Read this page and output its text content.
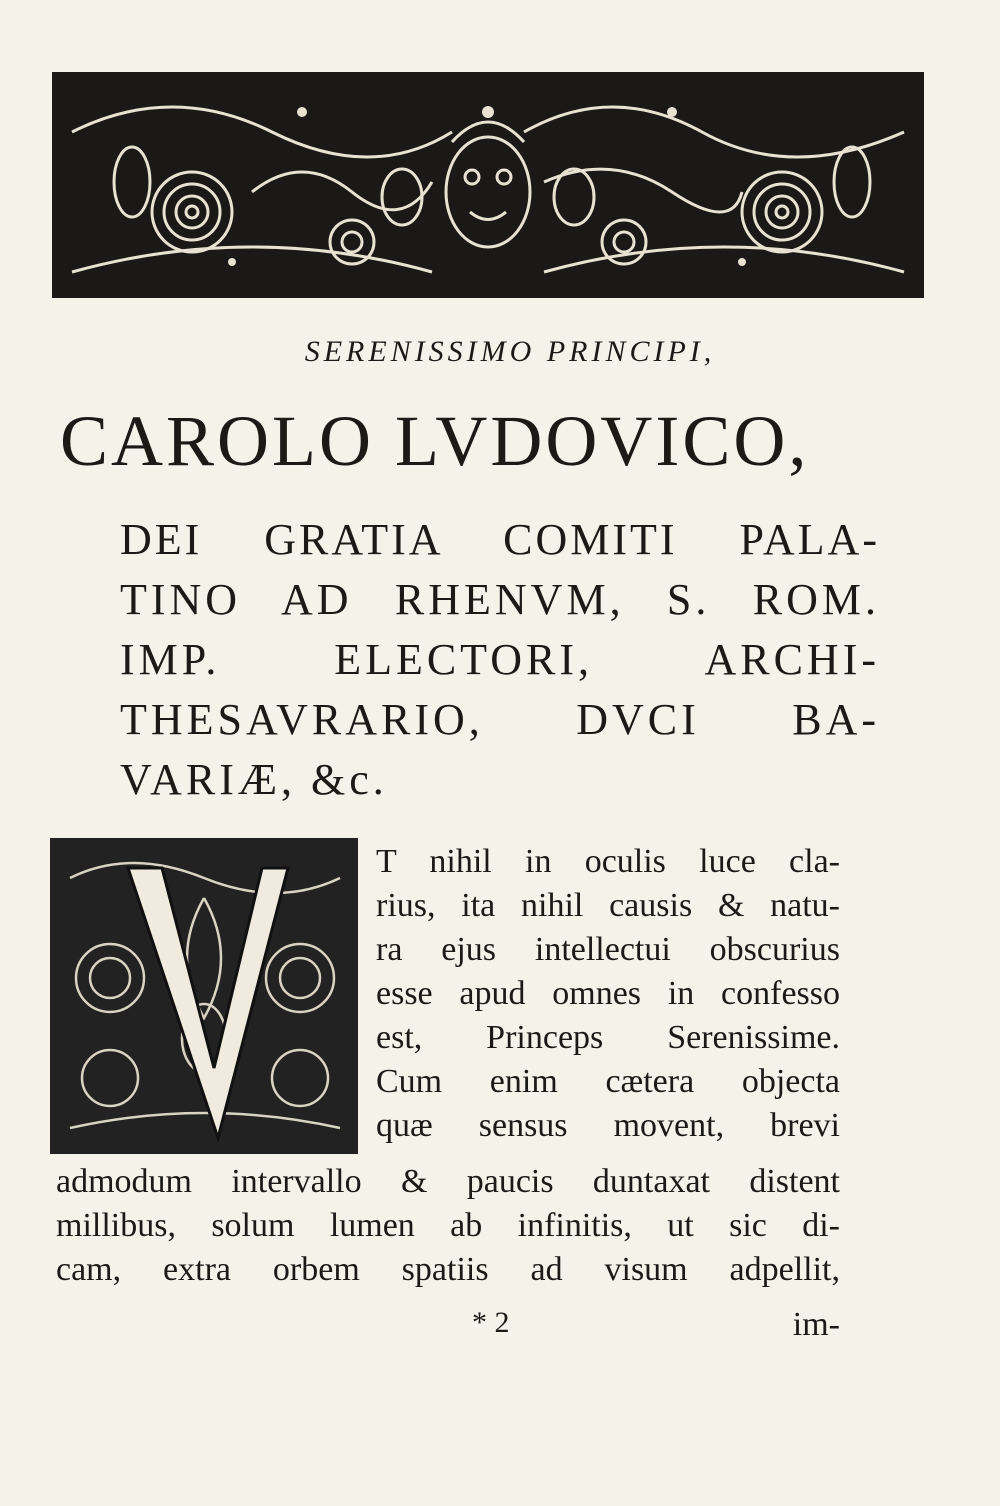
SERENISSIMO PRINCIPI,
CAROLO LVDOVICO,
DEI GRATIA COMITI PALA-
TINO AD RHENVM, S. ROM.
IMP. ELECTORI, ARCHI-
THESAVRARIO, DVCI BA-
VARIÆ, &c.
V
T nihil in oculis luce cla-
rius, ita nihil causis & natu-
ra ejus intellectui obscurius
esse apud omnes in confesso
est, Princeps Serenissime.
Cum enim cætera objecta
quæ sensus movent, brevi
admodum intervallo & paucis duntaxat distent
millibus, solum lumen ab infinitis, ut sic di-
cam, extra orbem spatiis ad visum adpellit,
* 2	im-
